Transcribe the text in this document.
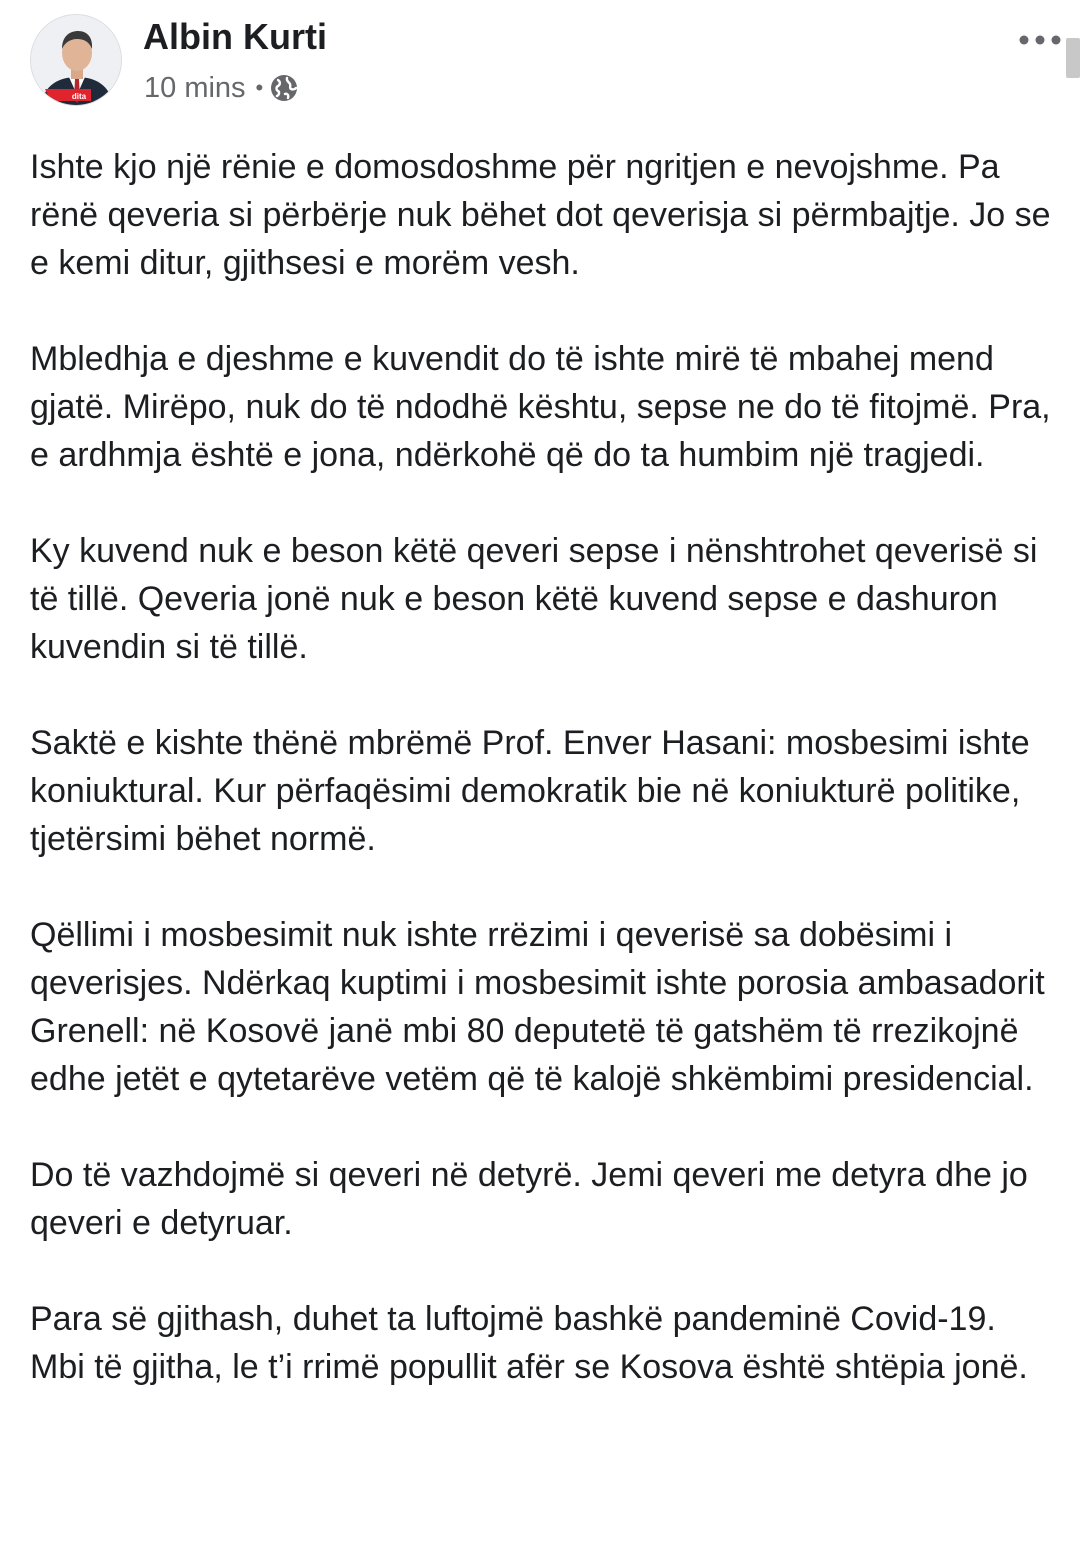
dita
Albin Kurti
10 mins •

Ishte kjo një rënie e domosdoshme për ngritjen e nevojshme. Pa rënë qeveria si përbërje nuk bëhet dot qeverisja si përmbajtje. Jo se e kemi ditur, gjithsesi e morëm vesh.

Mbledhja e djeshme e kuvendit do të ishte mirë të mbahej mend gjatë. Mirëpo, nuk do të ndodhë kështu, sepse ne do të fitojmë. Pra, e ardhmja është e jona, ndërkohë që do ta humbim një tragjedi.

Ky kuvend nuk e beson këtë qeveri sepse i nënshtrohet qeverisë si të tillë. Qeveria jonë nuk e beson këtë kuvend sepse e dashuron kuvendin si të tillë.

Saktë e kishte thënë mbrëmë Prof. Enver Hasani: mosbesimi ishte koniuktural. Kur përfaqësimi demokratik bie në koniukturë politike, tjetërsimi bëhet normë.

Qëllimi i mosbesimit nuk ishte rrëzimi i qeverisë sa dobësimi i qeverisjes. Ndërkaq kuptimi i mosbesimit ishte porosia ambasadorit Grenell: në Kosovë janë mbi 80 deputetë të gatshëm të rrezikojnë edhe jetët e qytetarëve vetëm që të kalojë shkëmbimi presidencial.

Do të vazhdojmë si qeveri në detyrë. Jemi qeveri me detyra dhe jo qeveri e detyruar.

Para së gjithash, duhet ta luftojmë bashkë pandeminë Covid-19. Mbi të gjitha, le t’i rrimë popullit afër se Kosova është shtëpia jonë.
